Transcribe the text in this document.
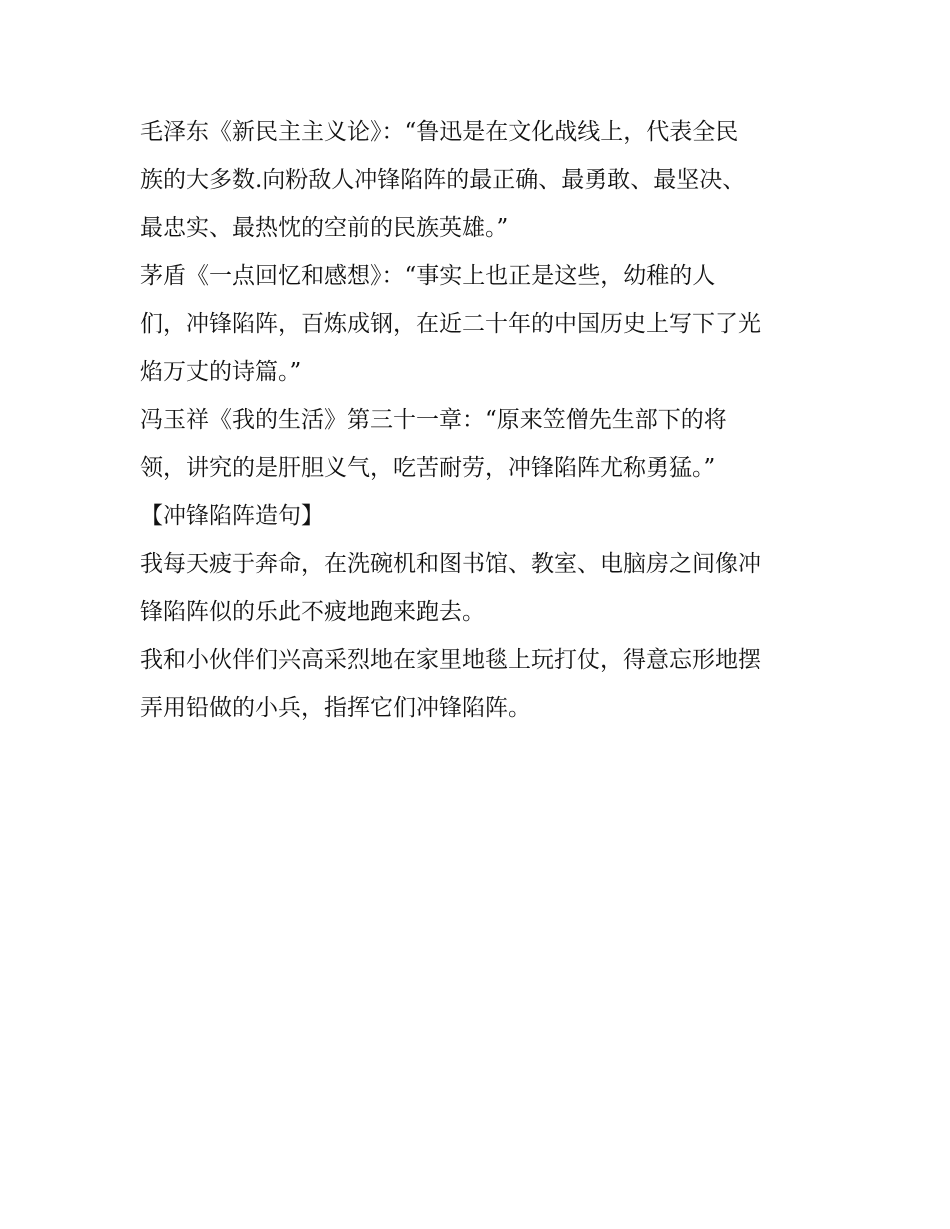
毛泽东《新民主主义论》：“鲁迅是在文化战线上，代表全民
族的大多数.向粉敌人冲锋陷阵的最正确、最勇敢、最坚决、
最忠实、最热忱的空前的民族英雄。”
茅盾《一点回忆和感想》：“事实上也正是这些，幼稚的人
们，冲锋陷阵，百炼成钢，在近二十年的中国历史上写下了光
焰万丈的诗篇。”
冯玉祥《我的生活》第三十一章：“原来笠僧先生部下的将
领，讲究的是肝胆义气，吃苦耐劳，冲锋陷阵尤称勇猛。”
【冲锋陷阵造句】
我每天疲于奔命，在洗碗机和图书馆、教室、电脑房之间像冲
锋陷阵似的乐此不疲地跑来跑去。
我和小伙伴们兴高采烈地在家里地毯上玩打仗，得意忘形地摆
弄用铅做的小兵，指挥它们冲锋陷阵。
